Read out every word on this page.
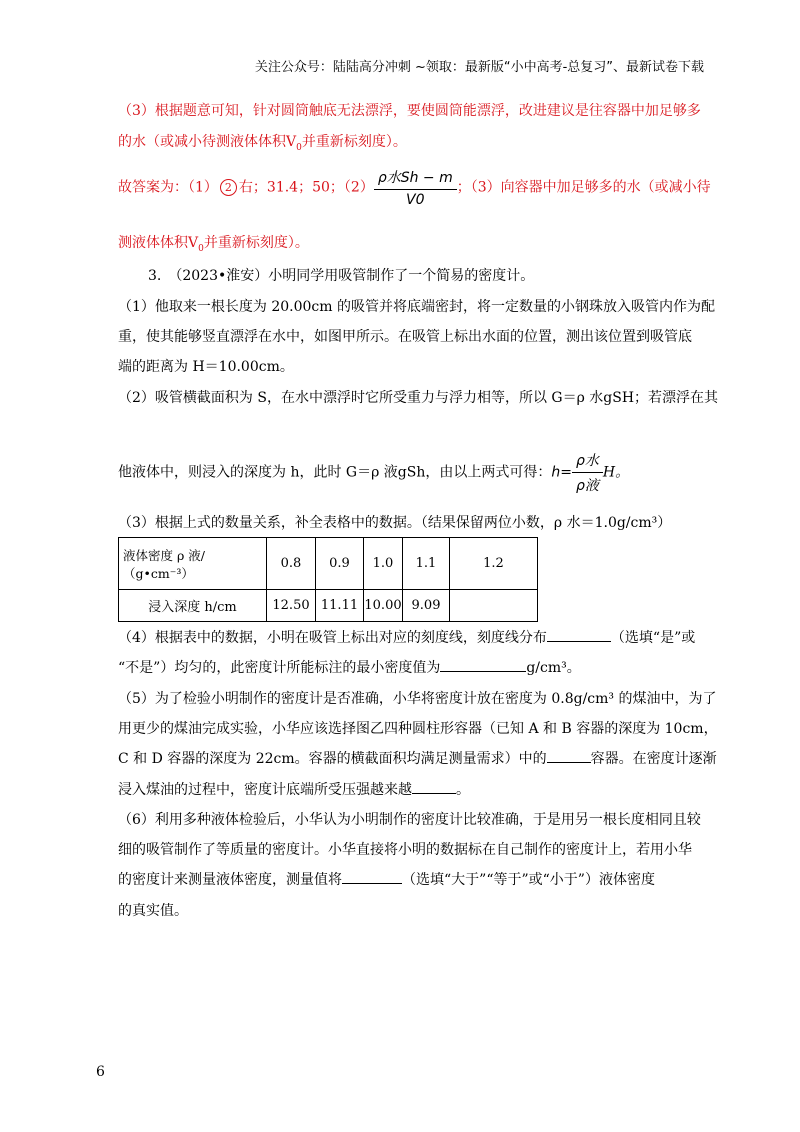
关注公众号：陆陆高分冲刺 ~领取：最新版“小中高考-总复习”、最新试卷下载
（3）根据题意可知，针对圆筒触底无法漂浮，要使圆筒能漂浮，改进建议是往容器中加足够多
的水（或减小待测液体体积$V_0$并重新标刻度）。
故答案为：（1） 2 右；31.4；50；$(2) \frac{\text{ρ水Sh − m}}{V0}$ ；（3）向容器中加足够多的水（或减小待
测液体体积$V_0$并重新标刻度）。
3.　（2023•淮安）小明同学用吸管制作了一个简易的密度计。
（1）他取来一根长度为 20.00cm 的吸管并将底端密封，将一定数量的小钢珠放入吸管内作为配
重，使其能够竖直漂浮在水中，如图甲所示。在吸管上标出水面的位置，测出该位置到吸管底
端的距离为 H＝10.00cm。
（2）吸管横截面积为 S，在水中漂浮时它所受重力与浮力相等，所以 G＝ρ 水gSH；若漂浮在其
他液体中，则浸入的深度为 h，此时 G＝ρ 液gSh，由以上两式可得：$h= \frac{\text{ρ水}}{\text{ρ液}}$ H。
（3）根据上式的数量关系，补全表格中的数据。（结果保留两位小数，ρ 水＝1.0g/cm³）
液体密度 ρ 液/（g•cm⁻³）	0.8	0.9	1.0	1.1	1.2
浸入深度 h/cm	12.50	11.11	10.00	9.09	
（4）根据表中的数据，小明在吸管上标出对应的刻度线，刻度线分布	（选填“是”或
“不是”）均匀的，此密度计所能标注的最小密度值为	g/cm³。
（5）为了检验小明制作的密度计是否准确，小华将密度计放在密度为 0.8g/cm³ 的煤油中，为了
用更少的煤油完成实验，小华应该选择图乙四种圆柱形容器（已知 A 和 B 容器的深度为 10cm，
C 和 D 容器的深度为 22cm。容器的横截面积均满足测量需求）中的	容器。在密度计逐渐
浸入煤油的过程中，密度计底端所受压强越来越	。
（6）利用多种液体检验后，小华认为小明制作的密度计比较准确，于是用另一根长度相同且较
细的吸管制作了等质量的密度计。小华直接将小明的数据标在自己制作的密度计上，若用小华
的密度计来测量液体密度，测量值将	（选填“大于”“等于”或“小于”）液体密度
的真实值。
6
